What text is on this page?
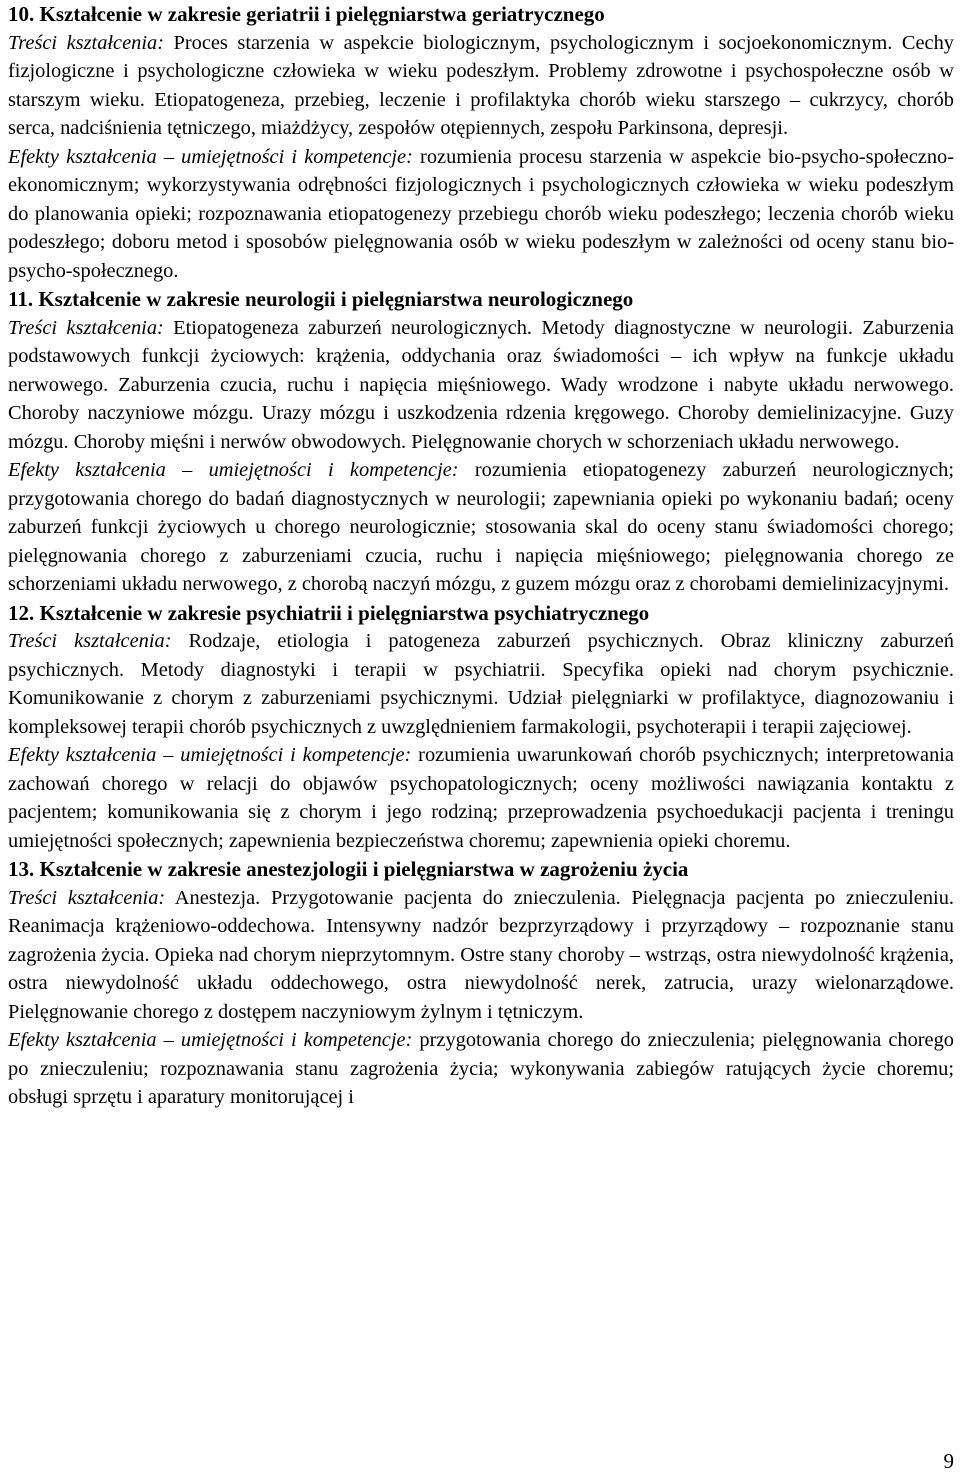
10. Kształcenie w zakresie geriatrii i pielęgniarstwa geriatrycznego

Treści kształcenia: Proces starzenia w aspekcie biologicznym, psychologicznym i socjoekonomicznym. Cechy fizjologiczne i psychologiczne człowieka w wieku podeszłym. Problemy zdrowotne i psychospołeczne osób w starszym wieku. Etiopatogeneza, przebieg, leczenie i profilaktyka chorób wieku starszego – cukrzycy, chorób serca, nadciśnienia tętniczego, miażdżycy, zespołów otępiennych, zespołu Parkinsona, depresji.

Efekty kształcenia – umiejętności i kompetencje: rozumienia procesu starzenia w aspekcie bio-psycho-społeczno-ekonomicznym; wykorzystywania odrębności fizjologicznych i psychologicznych człowieka w wieku podeszłym do planowania opieki; rozpoznawania etiopatogenezy przebiegu chorób wieku podeszłego; leczenia chorób wieku podeszłego; doboru metod i sposobów pielęgnowania osób w wieku podeszłym w zależności od oceny stanu bio-psycho-społecznego.

11. Kształcenie w zakresie neurologii i pielęgniarstwa neurologicznego

Treści kształcenia: Etiopatogeneza zaburzeń neurologicznych. Metody diagnostyczne w neurologii. Zaburzenia podstawowych funkcji życiowych: krążenia, oddychania oraz świadomości – ich wpływ na funkcje układu nerwowego. Zaburzenia czucia, ruchu i napięcia mięśniowego. Wady wrodzone i nabyte układu nerwowego. Choroby naczyniowe mózgu. Urazy mózgu i uszkodzenia rdzenia kręgowego. Choroby demielinizacyjne. Guzy mózgu. Choroby mięśni i nerwów obwodowych. Pielęgnowanie chorych w schorzeniach układu nerwowego.

Efekty kształcenia – umiejętności i kompetencje: rozumienia etiopatogenezy zaburzeń neurologicznych; przygotowania chorego do badań diagnostycznych w neurologii; zapewniania opieki po wykonaniu badań; oceny zaburzeń funkcji życiowych u chorego neurologicznie; stosowania skal do oceny stanu świadomości chorego; pielęgnowania chorego z zaburzeniami czucia, ruchu i napięcia mięśniowego; pielęgnowania chorego ze schorzeniami układu nerwowego, z chorobą naczyń mózgu, z guzem mózgu oraz z chorobami demielinizacyjnymi.

12. Kształcenie w zakresie psychiatrii i pielęgniarstwa psychiatrycznego

Treści kształcenia: Rodzaje, etiologia i patogeneza zaburzeń psychicznych. Obraz kliniczny zaburzeń psychicznych. Metody diagnostyki i terapii w psychiatrii. Specyfika opieki nad chorym psychicznie. Komunikowanie z chorym z zaburzeniami psychicznymi. Udział pielęgniarki w profilaktyce, diagnozowaniu i kompleksowej terapii chorób psychicznych z uwzględnieniem farmakologii, psychoterapii i terapii zajęciowej.

Efekty kształcenia – umiejętności i kompetencje: rozumienia uwarunkowań chorób psychicznych; interpretowania zachowań chorego w relacji do objawów psychopatologicznych; oceny możliwości nawiązania kontaktu z pacjentem; komunikowania się z chorym i jego rodziną; przeprowadzenia psychoedukacji pacjenta i treningu umiejętności społecznych; zapewnienia bezpieczeństwa choremu; zapewnienia opieki choremu.

13. Kształcenie w zakresie anestezjologii i pielęgniarstwa w zagrożeniu życia

Treści kształcenia: Anestezja. Przygotowanie pacjenta do znieczulenia. Pielęgnacja pacjenta po znieczuleniu. Reanimacja krążeniowo-oddechowa. Intensywny nadzór bezprzyrządowy i przyrządowy – rozpoznanie stanu zagrożenia życia. Opieka nad chorym nieprzytomnym. Ostre stany choroby – wstrząs, ostra niewydolność krążenia, ostra niewydolność układu oddechowego, ostra niewydolność nerek, zatrucia, urazy wielonarządowe. Pielęgnowanie chorego z dostępem naczyniowym żylnym i tętniczym.

Efekty kształcenia – umiejętności i kompetencje: przygotowania chorego do znieczulenia; pielęgnowania chorego po znieczuleniu; rozpoznawania stanu zagrożenia życia; wykonywania zabiegów ratujących życie choremu; obsługi sprzętu i aparatury monitorującej i

9
